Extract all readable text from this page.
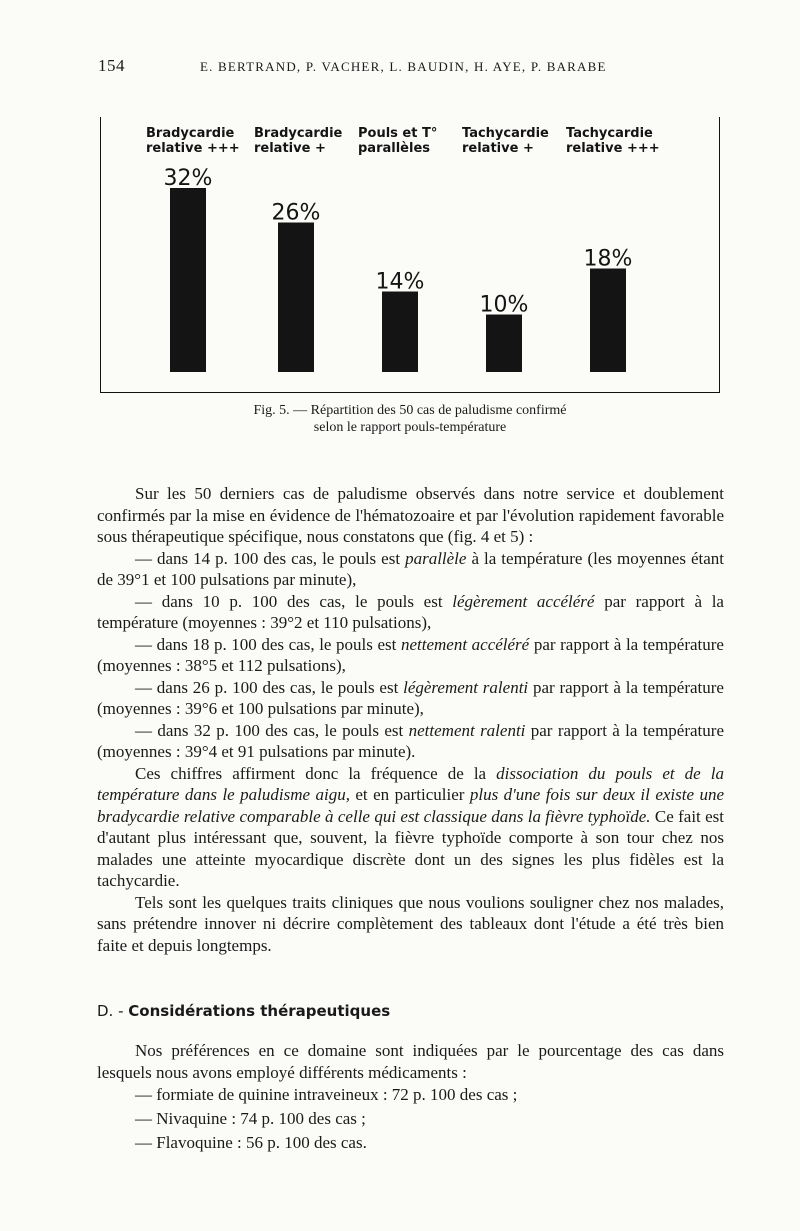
154	E. BERTRAND, P. VACHER, L. BAUDIN, H. AYE, P. BARABE
32%
Bradycardie
relative +++
26%
Bradycardie
relative +
14%
Pouls et T°
parallèles
10%
Tachycardie
relative +
18%
Tachycardie
relative +++
Fig. 5. — Répartition des 50 cas de paludisme confirmé
selon le rapport pouls-température

Sur les 50 derniers cas de paludisme observés dans notre service et doublement confirmés par la mise en évidence de l'hématozoaire et par l'évolution rapidement favorable sous thérapeutique spécifique, nous constatons que (fig. 4 et 5) :

— dans 14 p. 100 des cas, le pouls est parallèle à la température (les moyennes étant de 39°1 et 100 pulsations par minute),

— dans 10 p. 100 des cas, le pouls est légèrement accéléré par rapport à la température (moyennes : 39°2 et 110 pulsations),

— dans 18 p. 100 des cas, le pouls est nettement accéléré par rapport à la température (moyennes : 38°5 et 112 pulsations),

— dans 26 p. 100 des cas, le pouls est légèrement ralenti par rapport à la température (moyennes : 39°6 et 100 pulsations par minute),

— dans 32 p. 100 des cas, le pouls est nettement ralenti par rapport à la température (moyennes : 39°4 et 91 pulsations par minute).

Ces chiffres affirment donc la fréquence de la dissociation du pouls et de la température dans le paludisme aigu, et en particulier plus d'une fois sur deux il existe une bradycardie relative comparable à celle qui est classique dans la fièvre typhoïde. Ce fait est d'autant plus intéressant que, souvent, la fièvre typhoïde comporte à son tour chez nos malades une atteinte myocardique discrète dont un des signes les plus fidèles est la tachycardie.

Tels sont les quelques traits cliniques que nous voulions souligner chez nos malades, sans prétendre innover ni décrire complètement des tableaux dont l'étude a été très bien faite et depuis longtemps.

D. - Considérations thérapeutiques

Nos préférences en ce domaine sont indiquées par le pourcentage des cas dans lesquels nous avons employé différents médicaments :

— formiate de quinine intraveineux : 72 p. 100 des cas ;
— Nivaquine : 74 p. 100 des cas ;
— Flavoquine : 56 p. 100 des cas.
